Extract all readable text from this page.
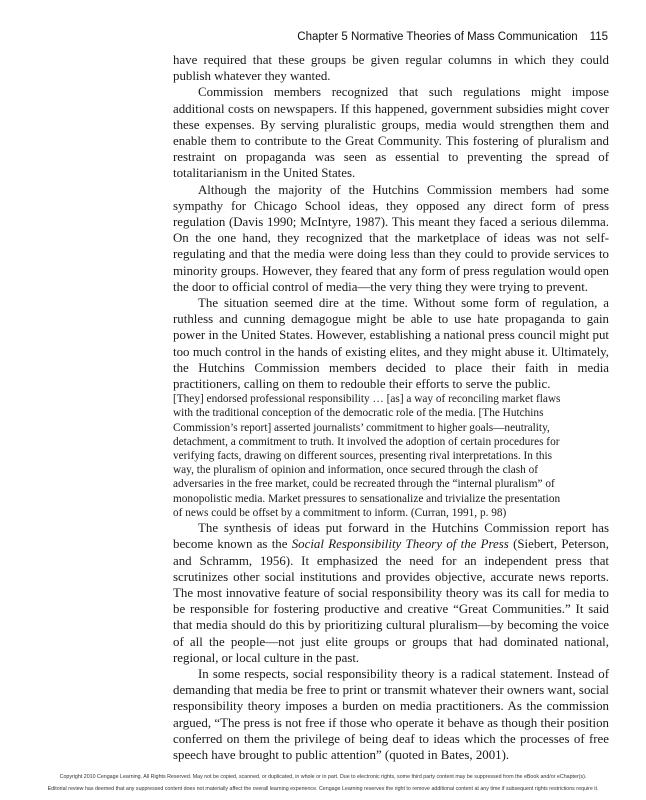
Chapter 5 Normative Theories of Mass Communication 115

have required that these groups be given regular columns in which they could publish whatever they wanted.

Commission members recognized that such regulations might impose additional costs on newspapers. If this happened, government subsidies might cover these expenses. By serving pluralistic groups, media would strengthen them and enable them to contribute to the Great Community. This fostering of pluralism and restraint on propaganda was seen as essential to preventing the spread of totalitarianism in the United States.

Although the majority of the Hutchins Commission members had some sympathy for Chicago School ideas, they opposed any direct form of press regulation (Davis 1990; McIntyre, 1987). This meant they faced a serious dilemma. On the one hand, they recognized that the marketplace of ideas was not self-regulating and that the media were doing less than they could to provide services to minority groups. However, they feared that any form of press regulation would open the door to official control of media—the very thing they were trying to prevent.

The situation seemed dire at the time. Without some form of regulation, a ruthless and cunning demagogue might be able to use hate propaganda to gain power in the United States. However, establishing a national press council might put too much control in the hands of existing elites, and they might abuse it. Ultimately, the Hutchins Commission members decided to place their faith in media practitioners, calling on them to redouble their efforts to serve the public.

[They] endorsed professional responsibility … [as] a way of reconciling market flaws with the traditional conception of the democratic role of the media. [The Hutchins Commission’s report] asserted journalists’ commitment to higher goals—neutrality, detachment, a commitment to truth. It involved the adoption of certain procedures for verifying facts, drawing on different sources, presenting rival interpretations. In this way, the pluralism of opinion and information, once secured through the clash of adversaries in the free market, could be recreated through the “internal pluralism” of monopolistic media. Market pressures to sensationalize and trivialize the presentation of news could be offset by a commitment to inform. (Curran, 1991, p. 98)

The synthesis of ideas put forward in the Hutchins Commission report has become known as the Social Responsibility Theory of the Press (Siebert, Peterson, and Schramm, 1956). It emphasized the need for an independent press that scrutinizes other social institutions and provides objective, accurate news reports. The most innovative feature of social responsibility theory was its call for media to be responsible for fostering productive and creative “Great Communities.” It said that media should do this by prioritizing cultural pluralism—by becoming the voice of all the people—not just elite groups or groups that had dominated national, regional, or local culture in the past.

In some respects, social responsibility theory is a radical statement. Instead of demanding that media be free to print or transmit whatever their owners want, social responsibility theory imposes a burden on media practitioners. As the commission argued, “The press is not free if those who operate it behave as though their position conferred on them the privilege of being deaf to ideas which the processes of free speech have brought to public attention” (quoted in Bates, 2001).

Copyright 2010 Cengage Learning. All Rights Reserved. May not be copied, scanned, or duplicated, in whole or in part. Due to electronic rights, some third party content may be suppressed from the eBook and/or eChapter(s).
Editorial review has deemed that any suppressed content does not materially affect the overall learning experience. Cengage Learning reserves the right to remove additional content at any time if subsequent rights restrictions require it.
